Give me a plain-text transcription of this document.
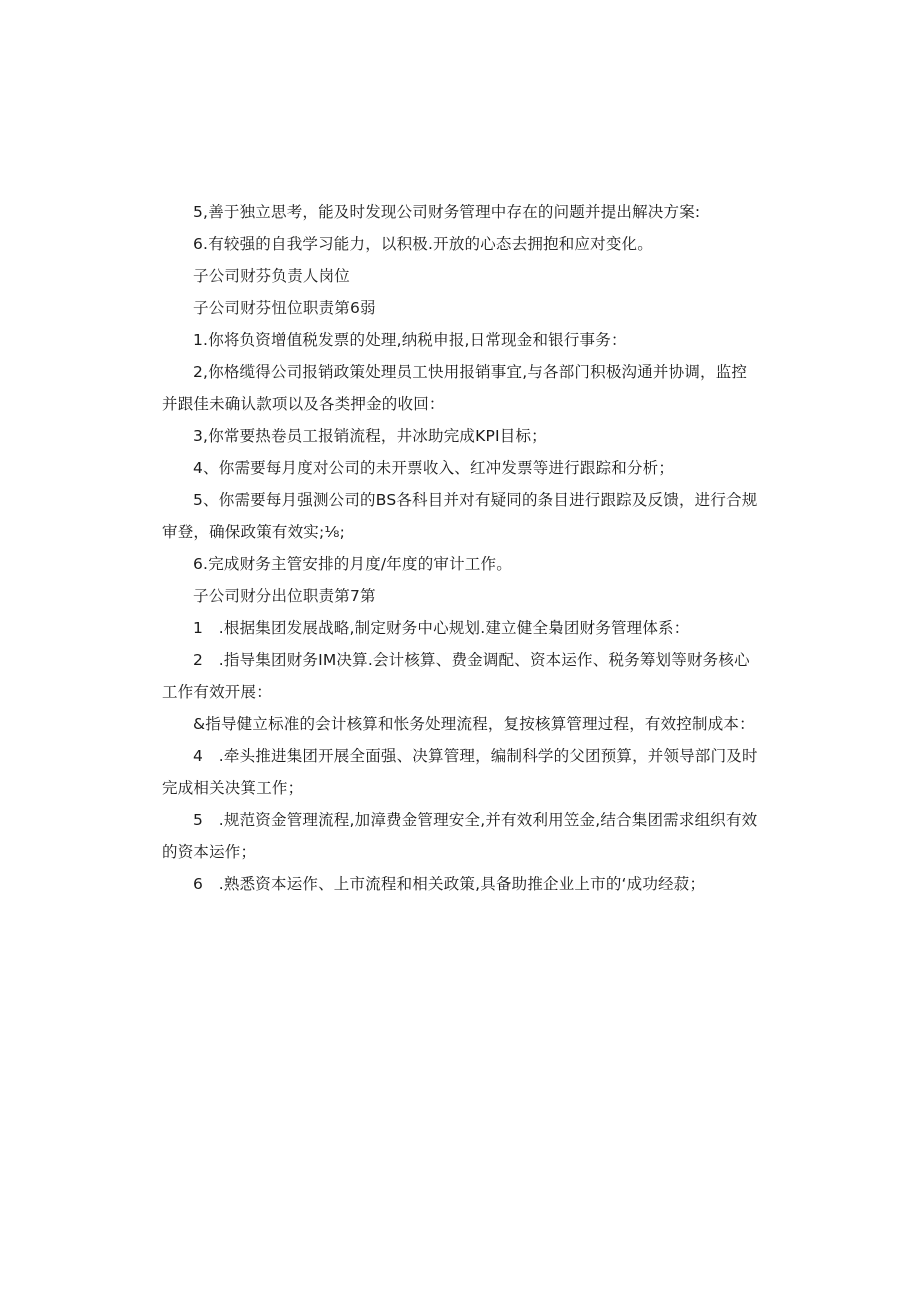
5,善于独立思考，能及时发现公司财务管理中存在的问题并提出解决方案:

6.有较强的自我学习能力，以积极.开放的心态去拥抱和应对变化。

子公司财芬负责人岗位

子公司财芬忸位职责第6弱

1.你将负资增值税发票的处理,纳税申报,日常现金和银行事务：

2,你格缆得公司报销政策处理员工快用报销事宜,与各部门积极沟通并协调，监控并跟佳未确认款项以及各类押金的收回：

3,你常要热卷员工报销流程，井冰助完成KPI目标；

4、你需要每月度对公司的未开票收入、红冲发票等进行跟踪和分析；

5、你需要每月强测公司的BS各科目并对有疑同的条目进行跟踪及反馈，进行合规审登，确保政策有效实;⅛;

6.完成财务主管安排的月度/年度的审计工作。

子公司财分出位职责第7第

1　.根据集团发展战略,制定财务中心规划.建立健全梟团财务管理体系：

2　.指导集团财务IM决算.会计核算、费金调配、资本运作、税务筹划等财务核心工作有效开展：

&指导健立标准的会计核算和怅务处理流程，复按核算管理过程，有效控制成本：

4　.牵头推进集团开展全面强、决算管理，编制科学的父团预算，并领导部门及时完成相关决箕工作；

5　.规范资金管理流程,加漳费金管理安全,并有效利用笠金,结合集团需求组织有效的资本运作；

6　.熟悉资本运作、上市流程和相关政策,具备助推企业上市的‘成功经菽；
